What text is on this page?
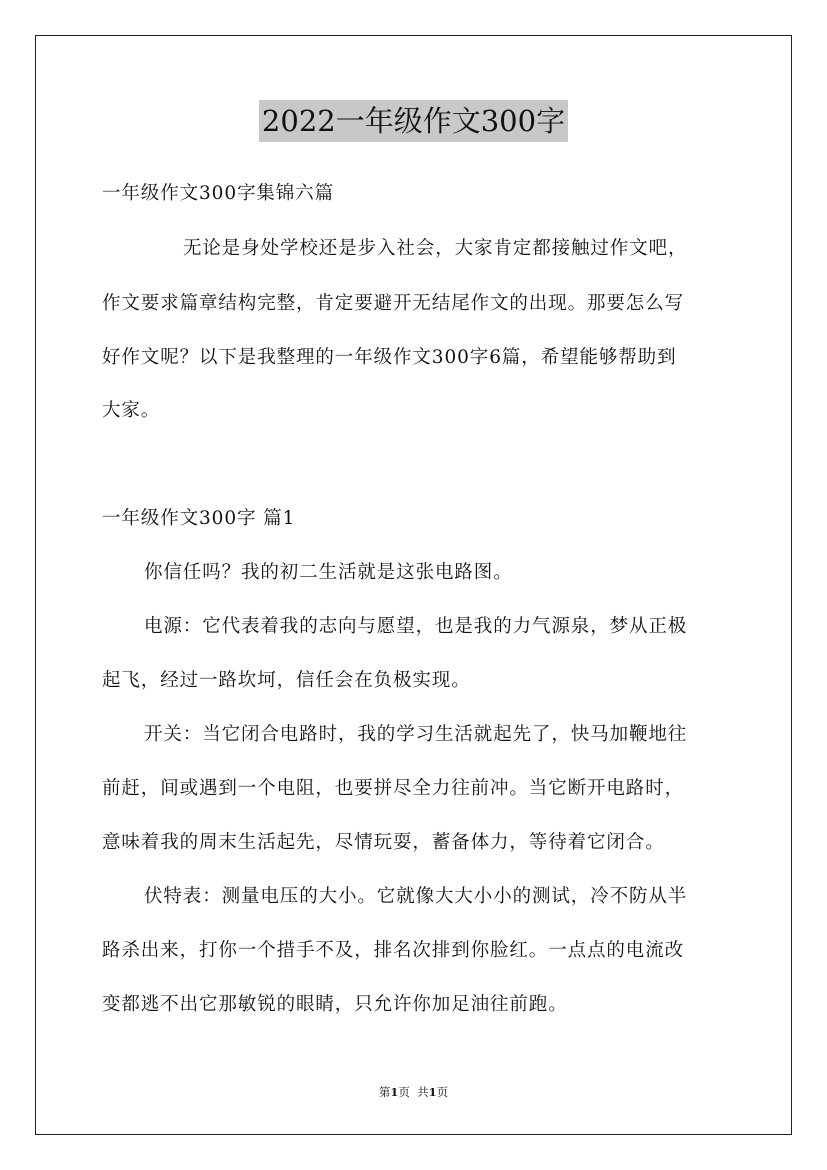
2022一年级作文300字
一年级作文300字集锦六篇
无论是身处学校还是步入社会，大家肯定都接触过作文吧，
作文要求篇章结构完整，肯定要避开无结尾作文的出现。那要怎么写
好作文呢？以下是我整理的一年级作文300字6篇，希望能够帮助到
大家。
一年级作文300字 篇1
你信任吗？我的初二生活就是这张电路图。
电源：它代表着我的志向与愿望，也是我的力气源泉，梦从正极
起飞，经过一路坎坷，信任会在负极实现。
开关：当它闭合电路时，我的学习生活就起先了，快马加鞭地往
前赶，间或遇到一个电阻，也要拼尽全力往前冲。当它断开电路时，
意味着我的周末生活起先，尽情玩耍，蓄备体力，等待着它闭合。
伏特表：测量电压的大小。它就像大大小小的测试，冷不防从半
路杀出来，打你一个措手不及，排名次排到你脸红。一点点的电流改
变都逃不出它那敏锐的眼睛，只允许你加足油往前跑。
第1页 共1页
